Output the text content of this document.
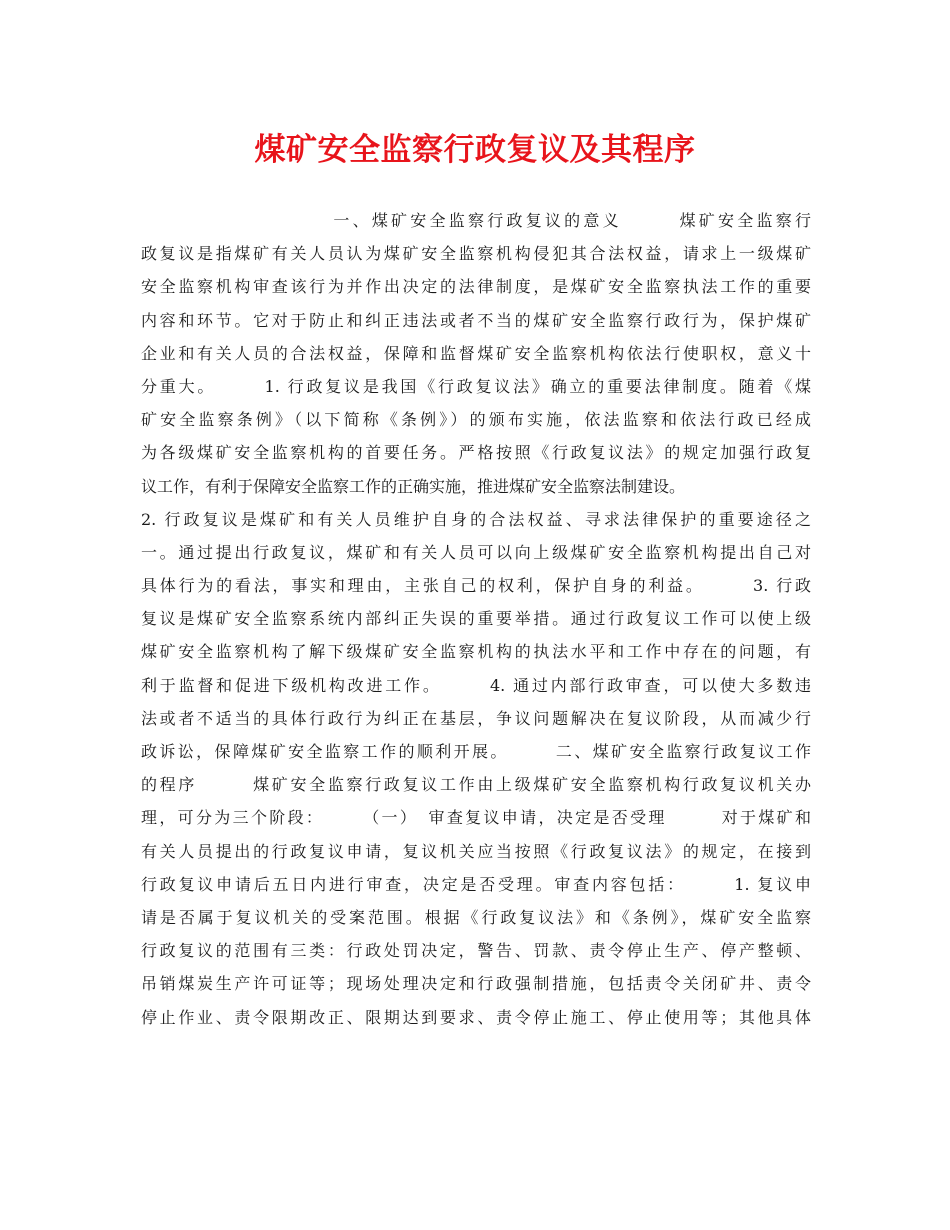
煤矿安全监察行政复议及其程序
　　　　　　　　　　一、煤矿安全监察行政复议的意义　　　煤矿安全监察行
政复议是指煤矿有关人员认为煤矿安全监察机构侵犯其合法权益，请求上一级煤矿
安全监察机构审查该行为并作出决定的法律制度，是煤矿安全监察执法工作的重要
内容和环节。它对于防止和纠正违法或者不当的煤矿安全监察行政行为，保护煤矿
企业和有关人员的合法权益，保障和监督煤矿安全监察机构依法行使职权，意义十
分重大。　　　1. 行政复议是我国《行政复议法》确立的重要法律制度。随着《煤
矿安全监察条例》（以下简称《条例》）的颁布实施，依法监察和依法行政已经成
为各级煤矿安全监察机构的首要任务。严格按照《行政复议法》的规定加强行政复
议工作，有利于保障安全监察工作的正确实施，推进煤矿安全监察法制建设。
2. 行政复议是煤矿和有关人员维护自身的合法权益、寻求法律保护的重要途径之
一。通过提出行政复议，煤矿和有关人员可以向上级煤矿安全监察机构提出自己对
具体行为的看法，事实和理由，主张自己的权利，保护自身的利益。　　　3. 行政
复议是煤矿安全监察系统内部纠正失误的重要举措。通过行政复议工作可以使上级
煤矿安全监察机构了解下级煤矿安全监察机构的执法水平和工作中存在的问题，有
利于监督和促进下级机构改进工作。　　　4. 通过内部行政审查，可以使大多数违
法或者不适当的具体行政行为纠正在基层，争议问题解决在复议阶段，从而减少行
政诉讼，保障煤矿安全监察工作的顺利开展。　　　二、煤矿安全监察行政复议工作
的程序　　　煤矿安全监察行政复议工作由上级煤矿安全监察机构行政复议机关办
理，可分为三个阶段：　　　（一）　审查复议申请，决定是否受理　　　对于煤矿和
有关人员提出的行政复议申请，复议机关应当按照《行政复议法》的规定，在接到
行政复议申请后五日内进行审查，决定是否受理。审查内容包括：　　　1. 复议申
请是否属于复议机关的受案范围。根据《行政复议法》和《条例》，煤矿安全监察
行政复议的范围有三类：行政处罚决定，警告、罚款、责令停止生产、停产整顿、
吊销煤炭生产许可证等；现场处理决定和行政强制措施，包括责令关闭矿井、责令
停止作业、责令限期改正、限期达到要求、责令停止施工、停止使用等；其他具体
